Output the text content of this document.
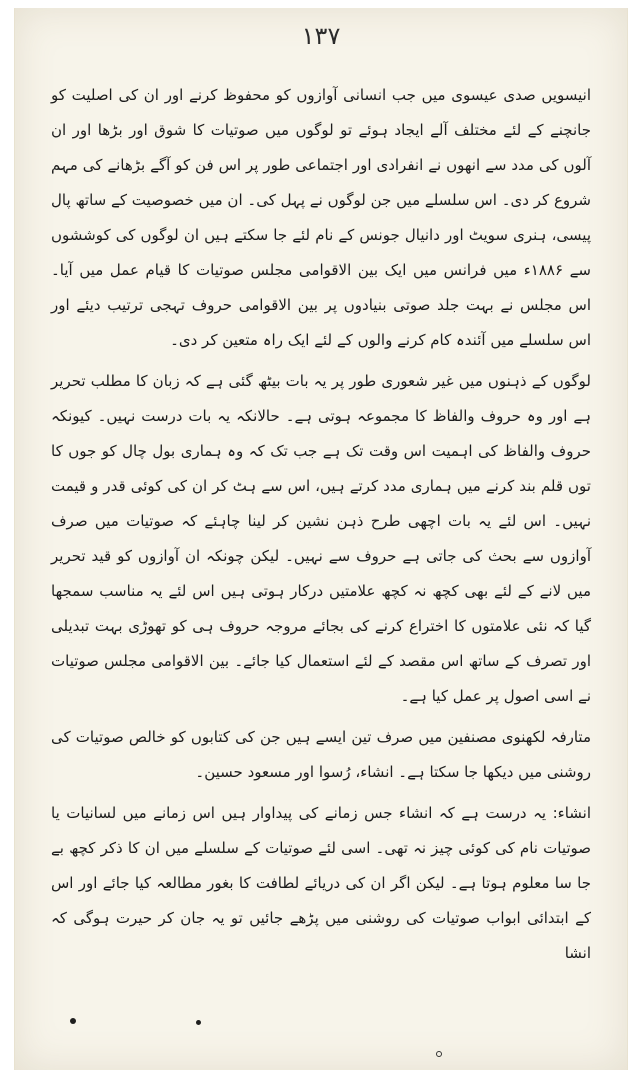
۱۳۷

انیسویں صدی عیسوی میں جب انسانی آوازوں کو محفوظ کرنے اور ان کی اصلیت کو جانچنے کے لئے مختلف آلے ایجاد ہوئے تو لوگوں میں صوتیات کا شوق اور بڑھا اور ان آلوں کی مدد سے انھوں نے انفرادی اور اجتماعی طور پر اس فن کو آگے بڑھانے کی مہم شروع کر دی۔ اس سلسلے میں جن لوگوں نے پہل کی۔ ان میں خصوصیت کے ساتھ پال پیسی، ہنری سویٹ اور دانیال جونس کے نام لئے جا سکتے ہیں ان لوگوں کی کوششوں سے ۱۸۸۶ء میں فرانس میں ایک بین الاقوامی مجلس صوتیات کا قیام عمل میں آیا۔ اس مجلس نے بہت جلد صوتی بنیادوں پر بین الاقوامی حروف تہجی ترتیب دیئے اور اس سلسلے میں آئندہ کام کرنے والوں کے لئے ایک راہ متعین کر دی۔

لوگوں کے ذہنوں میں غیر شعوری طور پر یہ بات بیٹھ گئی ہے کہ زبان کا مطلب تحریر ہے اور وہ حروف والفاظ کا مجموعہ ہوتی ہے۔ حالانکہ یہ بات درست نہیں۔ کیونکہ حروف والفاظ کی اہمیت اس وقت تک ہے جب تک کہ وہ ہماری بول چال کو جوں کا توں قلم بند کرنے میں ہماری مدد کرتے ہیں، اس سے ہٹ کر ان کی کوئی قدر و قیمت نہیں۔ اس لئے یہ بات اچھی طرح ذہن نشین کر لینا چاہئے کہ صوتیات میں صرف آوازوں سے بحث کی جاتی ہے حروف سے نہیں۔ لیکن چونکہ ان آوازوں کو قید تحریر میں لانے کے لئے بھی کچھ نہ کچھ علامتیں درکار ہوتی ہیں اس لئے یہ مناسب سمجھا گیا کہ نئی علامتوں کا اختراع کرنے کی بجائے مروجہ حروف ہی کو تھوڑی بہت تبدیلی اور تصرف کے ساتھ اس مقصد کے لئے استعمال کیا جائے۔ بین الاقوامی مجلس صوتیات نے اسی اصول پر عمل کیا ہے۔

متارفہ لکھنوی مصنفین میں صرف تین ایسے ہیں جن کی کتابوں کو خالص صوتیات کی روشنی میں دیکھا جا سکتا ہے۔ انشاء، رُسوا اور مسعود حسین۔

انشاء: یہ درست ہے کہ انشاء جس زمانے کی پیداوار ہیں اس زمانے میں لسانیات یا صوتیات نام کی کوئی چیز نہ تھی۔ اسی لئے صوتیات کے سلسلے میں ان کا ذکر کچھ بے جا سا معلوم ہوتا ہے۔ لیکن اگر ان کی دریائے لطافت کا بغور مطالعہ کیا جائے اور اس کے ابتدائی ابواب صوتیات کی روشنی میں پڑھے جائیں تو یہ جان کر حیرت ہوگی کہ انشا
